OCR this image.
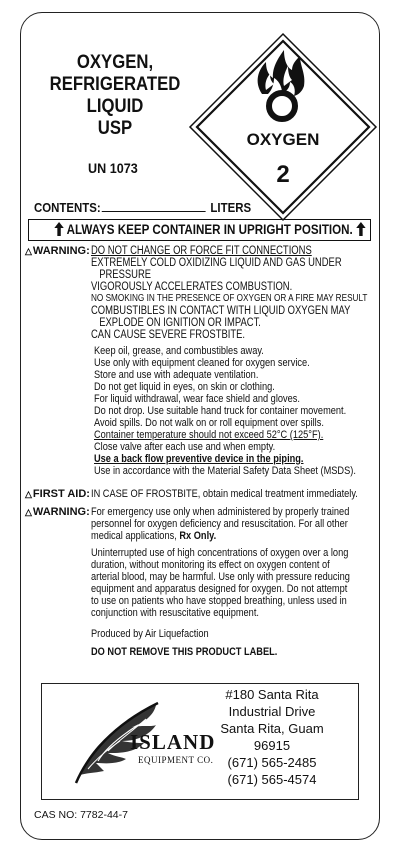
OXYGEN,
REFRIGERATED
LIQUID
USP
UN 1073
OXYGEN
2
CONTENTS:	LITERS
ALWAYS KEEP CONTAINER IN UPRIGHT POSITION.
△WARNING: DO NOT CHANGE OR FORCE FIT CONNECTIONS
EXTREMELY COLD OXIDIZING LIQUID AND GAS UNDER
PRESSURE
VIGOROUSLY ACCELERATES COMBUSTION.
NO SMOKING IN THE PRESENCE OF OXYGEN OR A FIRE MAY RESULT
COMBUSTIBLES IN CONTACT WITH LIQUID OXYGEN MAY
EXPLODE ON IGNITION OR IMPACT.
CAN CAUSE SEVERE FROSTBITE.
Keep oil, grease, and combustibles away.
Use only with equipment cleaned for oxygen service.
Store and use with adequate ventilation.
Do not get liquid in eyes, on skin or clothing.
For liquid withdrawal, wear face shield and gloves.
Do not drop. Use suitable hand truck for container movement.
Avoid spills. Do not walk on or roll equipment over spills.
Container temperature should not exceed 52°C (125°F).
Close valve after each use and when empty.
Use a back flow preventive device in the piping.
Use in accordance with the Material Safety Data Sheet (MSDS).
△FIRST AID: IN CASE OF FROSTBITE, obtain medical treatment immediately.
△WARNING: For emergency use only when administered by properly trained
personnel for oxygen deficiency and resuscitation. For all other
medical applications, Rx Only.
Uninterrupted use of high concentrations of oxygen over a long
duration, without monitoring its effect on oxygen content of
arterial blood, may be harmful. Use only with pressure reducing
equipment and apparatus designed for oxygen. Do not attempt
to use on patients who have stopped breathing, unless used in
conjunction with resuscitative equipment.
Produced by Air Liquefaction
DO NOT REMOVE THIS PRODUCT LABEL.
ISLAND
EQUIPMENT CO.
#180 Santa Rita
Industrial Drive
Santa Rita, Guam
96915
(671) 565-2485
(671) 565-4574
CAS NO: 7782-44-7
